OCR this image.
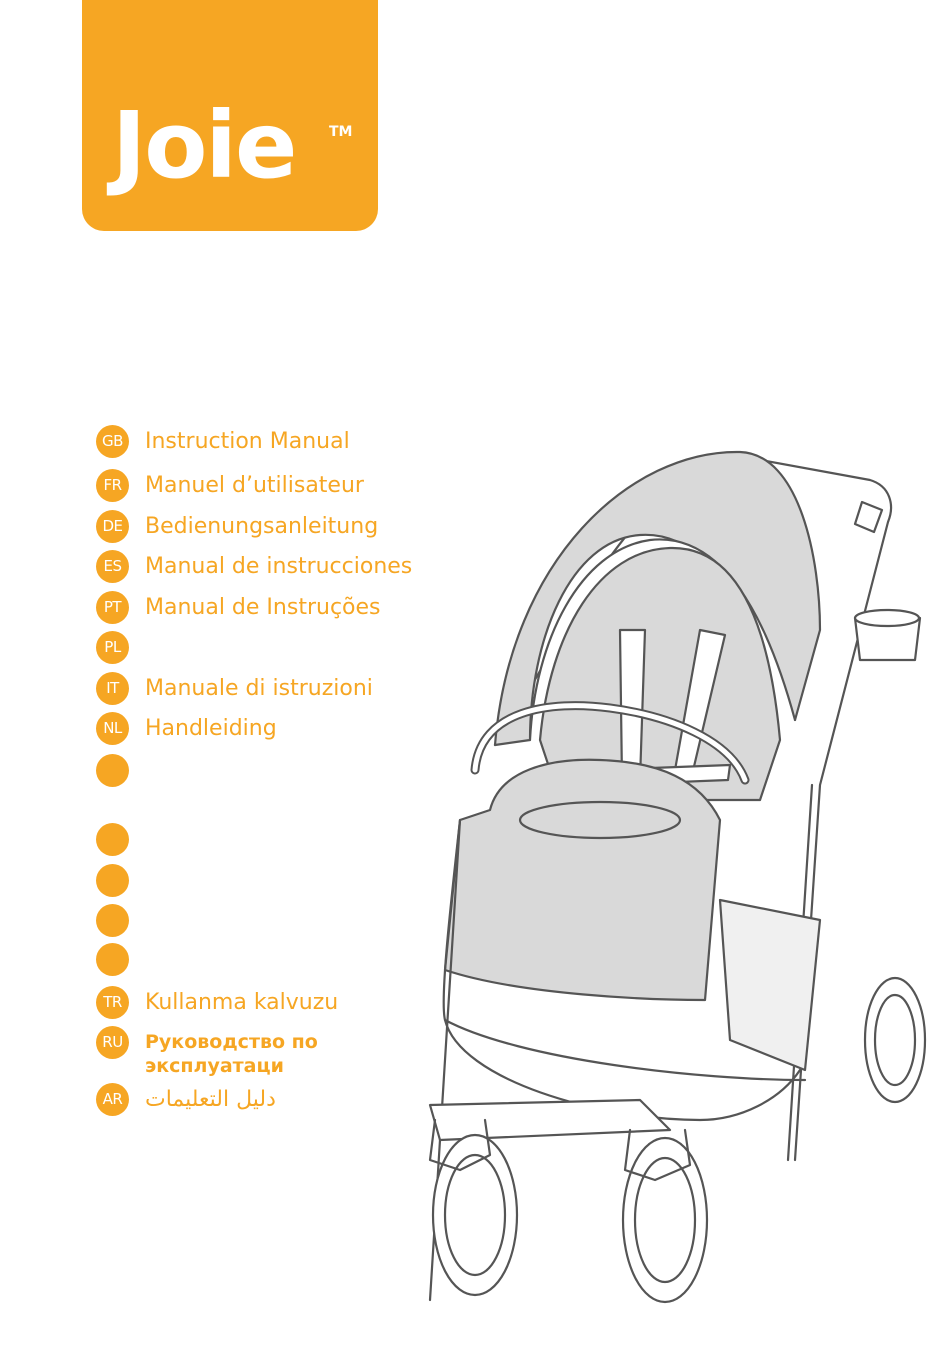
Joie TM
GB Instruction Manual
FR	Manuel d’utilisateur
DE Bedienungsanleitung
ES	Manual de instrucciones
PT	Manual de Instruções
PL
IT	Manuale di istruzioni
NL	Handleiding
TR	Kullanma kalvuzu
RU	Руководство по
эксплуатаци
AR	دليل التعليمات
